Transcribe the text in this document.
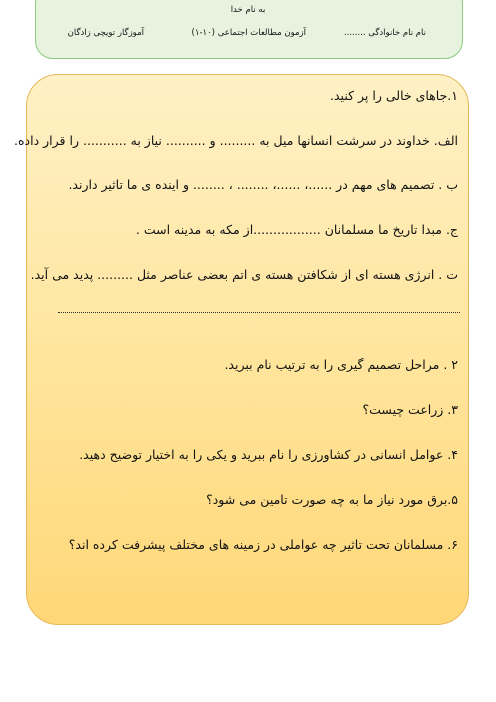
به نام خدا
نام نام خانوادگی ........
آزمون مطالعات اجتماعی (۱۰-۱)
آموزگار تویچی زادگان
۱.جاهای خالی را پر کنید.
الف. خداوند در سرشت انسانها میل به ......... و .......... نیاز به ........... را قرار داده.
ب . تصمیم های مهم در ......، ......، ........ ، ........ و اینده ی ما تاثیر دارند.
ج. مبدا تاریخ ما مسلمانان .................از مکه به مدینه است .
ت . انرژی هسته ای از شکافتن هسته ی اتم بعضی عناصر مثل ......... پدید می آید.
۲ . مراحل تصمیم گیری را به ترتیب نام ببرید.
۳. زراعت چیست؟
۴. عوامل انسانی در کشاورزی را نام ببرید و یکی را به اختیار توضیح دهید.
۵.برق مورد نیاز ما به چه صورت تامین می شود؟
۶. مسلمانان تحت تاثیر چه عواملی در زمینه های مختلف پیشرفت کرده اند؟
